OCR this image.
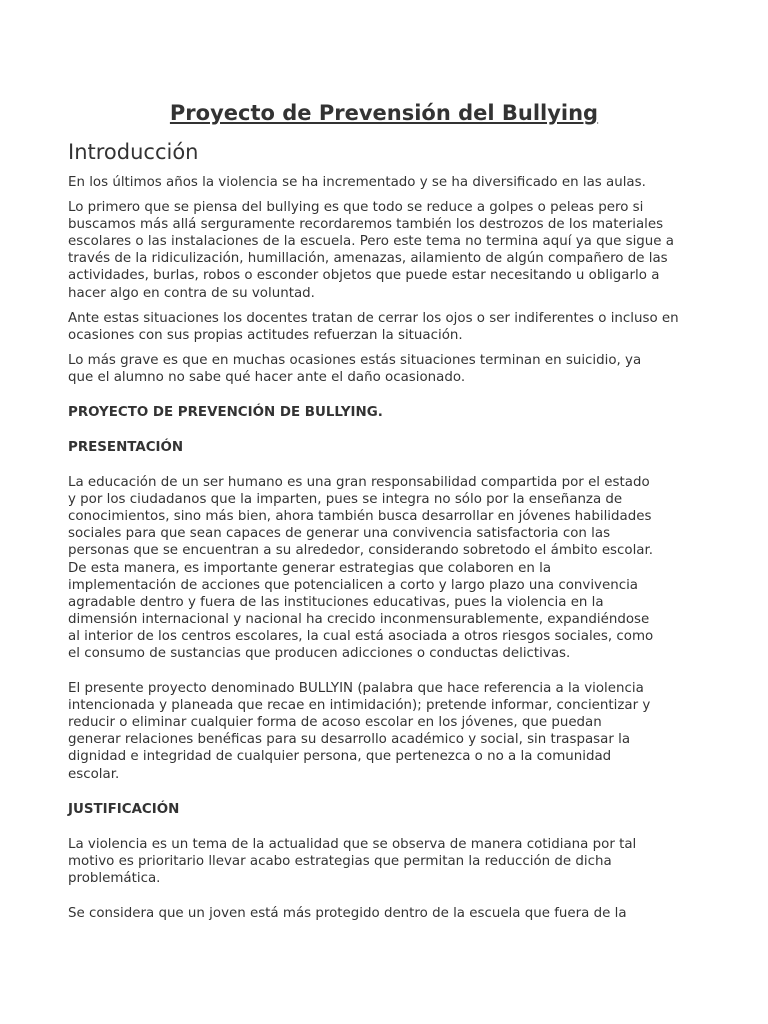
Proyecto de Prevensión del Bullying
Introducción

En los últimos años la violencia se ha incrementado y se ha diversificado en las aulas.

Lo primero que se piensa del bullying es que todo se reduce a golpes o peleas pero si
buscamos más allá serguramente recordaremos también los destrozos de los materiales
escolares o las instalaciones de la escuela. Pero este tema no termina aquí ya que sigue a
través de la ridiculización, humillación, amenazas, ailamiento de algún compañero de las
actividades, burlas, robos o esconder objetos que puede estar necesitando u obligarlo a
hacer algo en contra de su voluntad.

Ante estas situaciones los docentes tratan de cerrar los ojos o ser indiferentes o incluso en
ocasiones con sus propias actitudes refuerzan la situación.

Lo más grave es que en muchas ocasiones estás situaciones terminan en suicidio, ya
que el alumno no sabe qué hacer ante el daño ocasionado.

PROYECTO DE PREVENCIÓN DE BULLYING.
PRESENTACIÓN

La educación de un ser humano es una gran responsabilidad compartida por el estado
y por los ciudadanos que la imparten, pues se integra no sólo por la enseñanza de
conocimientos, sino más bien, ahora también busca desarrollar en jóvenes habilidades
sociales para que sean capaces de generar una convivencia satisfactoria con las
personas que se encuentran a su alrededor, considerando sobretodo el ámbito escolar.
De esta manera, es importante generar estrategias que colaboren en la
implementación de acciones que potencialicen a corto y largo plazo una convivencia
agradable dentro y fuera de las instituciones educativas, pues la violencia en la
dimensión internacional y nacional ha crecido inconmensurablemente, expandiéndose
al interior de los centros escolares, la cual está asociada a otros riesgos sociales, como
el consumo de sustancias que producen adicciones o conductas delictivas.

El presente proyecto denominado BULLYIN (palabra que hace referencia a la violencia
intencionada y planeada que recae en intimidación); pretende informar, concientizar y
reducir o eliminar cualquier forma de acoso escolar en los jóvenes, que puedan
generar relaciones benéficas para su desarrollo académico y social, sin traspasar la
dignidad e integridad de cualquier persona, que pertenezca o no a la comunidad
escolar.

JUSTIFICACIÓN

La violencia es un tema de la actualidad que se observa de manera cotidiana por tal
motivo es prioritario llevar acabo estrategias que permitan la reducción de dicha
problemática.

Se considera que un joven está más protegido dentro de la escuela que fuera de la
